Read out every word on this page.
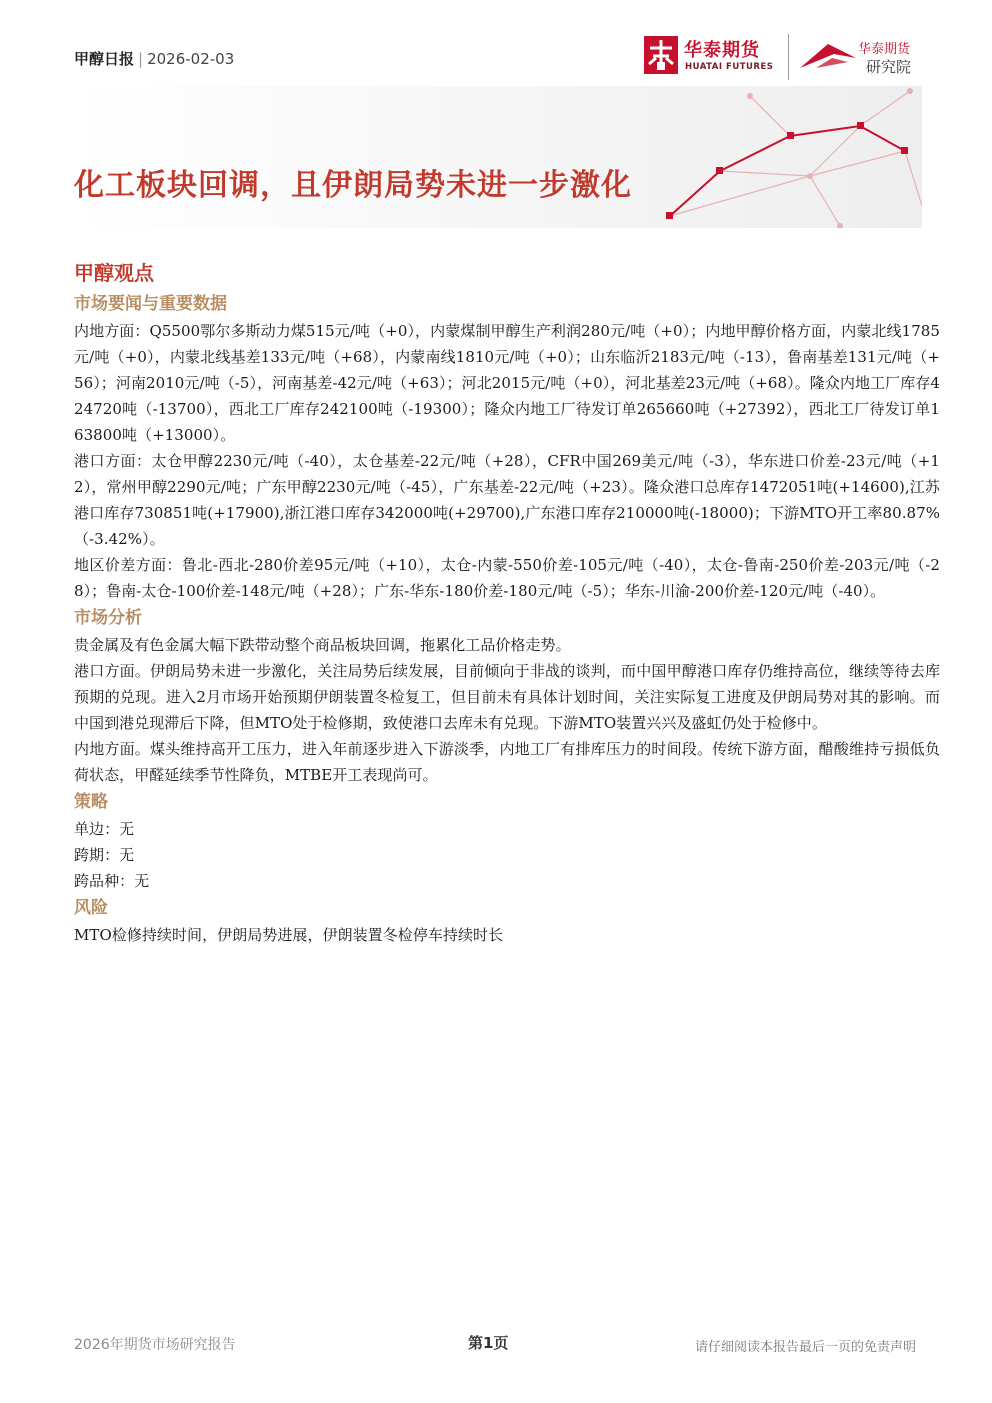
甲醇日报 | 2026-02-03	华泰期货
HUATAI FUTURES
华泰期货
研究院
化工板块回调，且伊朗局势未进一步激化
甲醇观点
市场要闻与重要数据

内地方面：Q5500鄂尔多斯动力煤515元/吨（+0），内蒙煤制甲醇生产利润280元/吨（+0）；内地甲醇价格方面，内蒙北线1785元/吨（+0），内蒙北线基差133元/吨（+68），内蒙南线1810元/吨（+0）；山东临沂2183元/吨（-13），鲁南基差131元/吨（+56）；河南2010元/吨（-5），河南基差-42元/吨（+63）；河北2015元/吨（+0），河北基差23元/吨（+68）。隆众内地工厂库存424720吨（-13700），西北工厂库存242100吨（-19300）；隆众内地工厂待发订单265660吨（+27392），西北工厂待发订单163800吨（+13000）。

港口方面：太仓甲醇2230元/吨（-40），太仓基差-22元/吨（+28），CFR中国269美元/吨（-3），华东进口价差-23元/吨（+12），常州甲醇2290元/吨；广东甲醇2230元/吨（-45），广东基差-22元/吨（+23）。隆众港口总库存1472051吨(+14600),江苏港口库存730851吨(+17900),浙江港口库存342000吨(+29700),广东港口库存210000吨(-18000)；下游MTO开工率80.87%（-3.42%）。

地区价差方面：鲁北-西北-280价差95元/吨（+10），太仓-内蒙-550价差-105元/吨（-40），太仓-鲁南-250价差-203元/吨（-28）；鲁南-太仓-100价差-148元/吨（+28）；广东-华东-180价差-180元/吨（-5）；华东-川渝-200价差-120元/吨（-40）。

市场分析

贵金属及有色金属大幅下跌带动整个商品板块回调，拖累化工品价格走势。

港口方面。伊朗局势未进一步激化，关注局势后续发展，目前倾向于非战的谈判，而中国甲醇港口库存仍维持高位，继续等待去库预期的兑现。进入2月市场开始预期伊朗装置冬检复工，但目前未有具体计划时间，关注实际复工进度及伊朗局势对其的影响。而中国到港兑现滞后下降，但MTO处于检修期，致使港口去库未有兑现。下游MTO装置兴兴及盛虹仍处于检修中。

内地方面。煤头维持高开工压力，进入年前逐步进入下游淡季，内地工厂有排库压力的时间段。传统下游方面，醋酸维持亏损低负荷状态，甲醛延续季节性降负，MTBE开工表现尚可。

策略

单边：无

跨期：无

跨品种：无

风险

MTO检修持续时间，伊朗局势进展，伊朗装置冬检停车持续时长

2026年期货市场研究报告	第1页	请仔细阅读本报告最后一页的免责声明
